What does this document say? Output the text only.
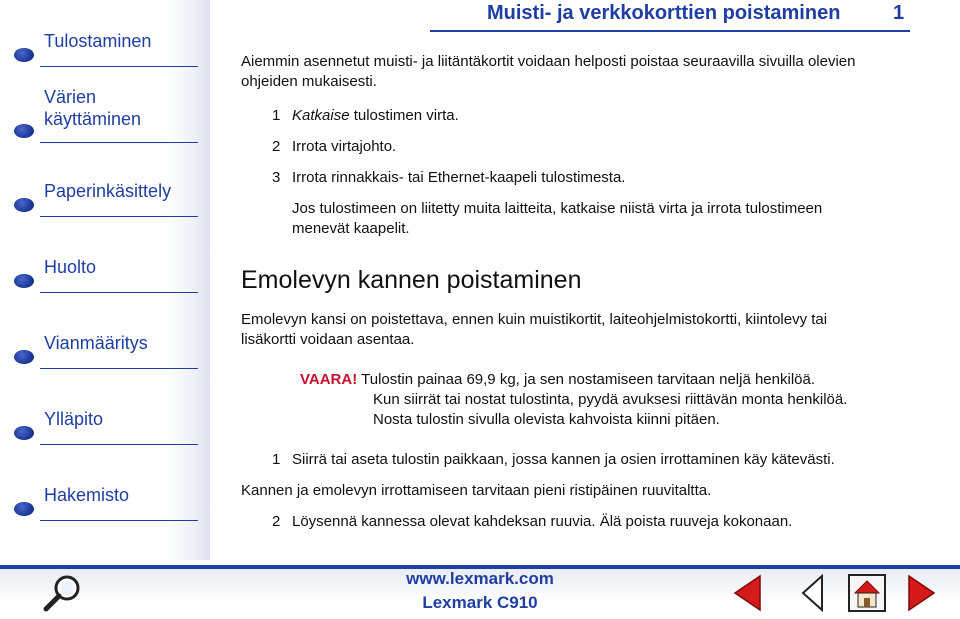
Muisti- ja verkkokorttien poistaminen	1
Tulostaminen
Värien
käyttäminen
Paperinkäsittely
Huolto
Vianmääritys
Ylläpito
Hakemisto

Aiemmin asennetut muisti- ja liitäntäkortit voidaan helposti poistaa seuraavilla sivuilla olevien
ohjeiden mukaisesti.

1 Katkaise tulostimen virta.

2 Irrota virtajohto.

3 Irrota rinnakkais- tai Ethernet-kaapeli tulostimesta.

Jos tulostimeen on liitetty muita laitteita, katkaise niistä virta ja irrota tulostimeen
menevät kaapelit.

Emolevyn kannen poistaminen

Emolevyn kansi on poistettava, ennen kuin muistikortit, laiteohjelmistokortti, kiintolevy tai
lisäkortti voidaan asentaa.

VAARA! Tulostin painaa 69,9 kg, ja sen nostamiseen tarvitaan neljä henkilöä.
Kun siirrät tai nostat tulostinta, pyydä avuksesi riittävän monta henkilöä.
Nosta tulostin sivulla olevista kahvoista kiinni pitäen.

1 Siirrä tai aseta tulostin paikkaan, jossa kannen ja osien irrottaminen käy kätevästi.

Kannen ja emolevyn irrottamiseen tarvitaan pieni ristipäinen ruuvitaltta.

2 Löysennä kannessa olevat kahdeksan ruuvia. Älä poista ruuveja kokonaan.

www.lexmark.com
Lexmark C910
